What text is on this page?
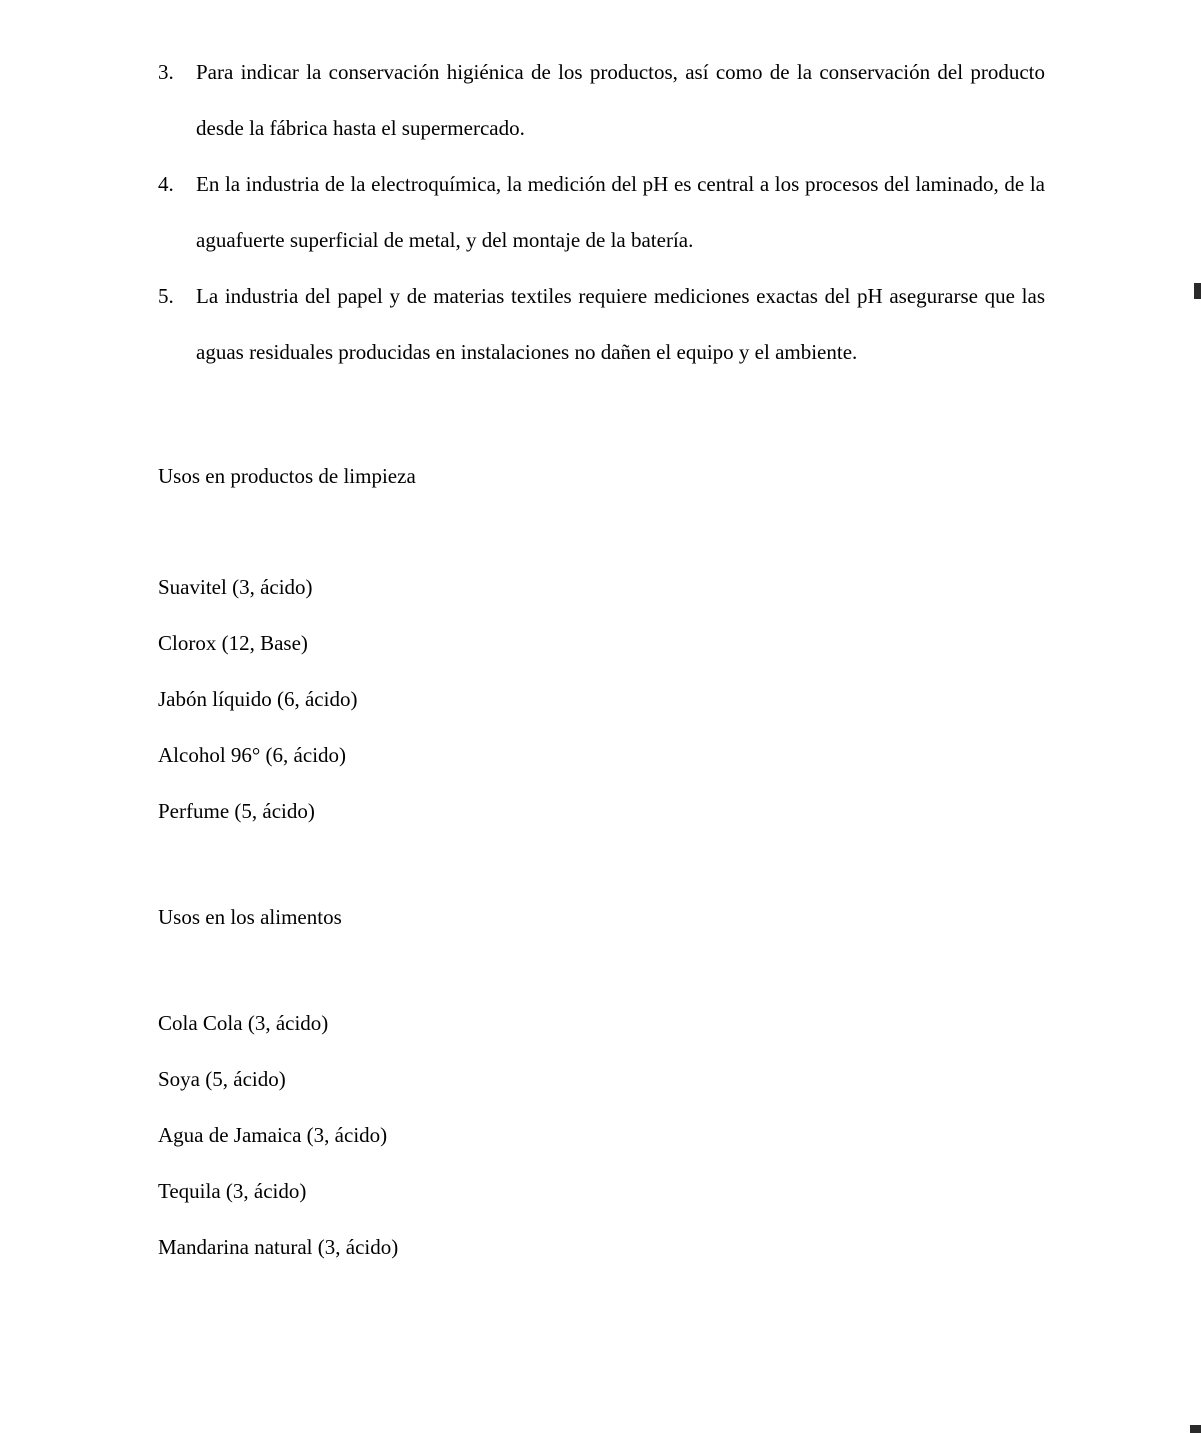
3.	Para indicar la conservación higiénica de los productos, así como de la conservación del producto desde la fábrica hasta el supermercado.
4.	En la industria de la electroquímica, la medición del pH es central a los procesos del laminado, de la aguafuerte superficial de metal, y del montaje de la batería.
5.	La industria del papel y de materias textiles requiere mediciones exactas del pH asegurarse que las aguas residuales producidas en instalaciones no dañen el equipo y el ambiente.

Usos en productos de limpieza

Suavitel (3, ácido)

Clorox (12, Base)

Jabón líquido (6, ácido)

Alcohol 96° (6, ácido)

Perfume (5, ácido)

Usos en los alimentos

Cola Cola (3, ácido)

Soya (5, ácido)

Agua de Jamaica (3, ácido)

Tequila (3, ácido)

Mandarina natural (3, ácido)
